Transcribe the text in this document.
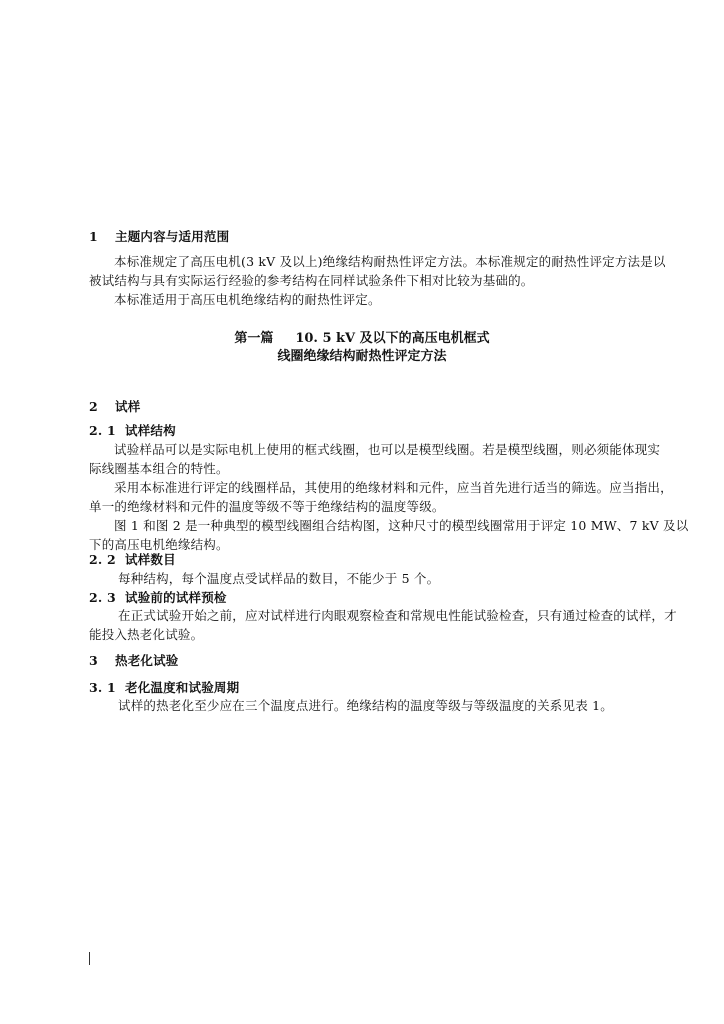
1 主题内容与适用范围
本标准规定了高压电机(3 kV 及以上)绝缘结构耐热性评定方法。本标准规定的耐热性评定方法是以
被试结构与具有实际运行经验的参考结构在同样试验条件下相对比较为基础的。
本标准适用于高压电机绝缘结构的耐热性评定。
第一篇 10. 5 kV 及以下的高压电机框式
线圈绝缘结构耐热性评定方法
2 试样
2. 1 试样结构
试验样品可以是实际电机上使用的框式线圈，也可以是模型线圈。若是模型线圈，则必须能体现实
际线圈基本组合的特性。
采用本标准进行评定的线圈样品，其使用的绝缘材料和元件，应当首先进行适当的筛选。应当指出，
单一的绝缘材料和元件的温度等级不等于绝缘结构的温度等级。
图 1 和图 2 是一种典型的模型线圈组合结构图，这种尺寸的模型线圈常用于评定 10 MW、7 kV 及以
下的高压电机绝缘结构。
2. 2 试样数目
每种结构，每个温度点受试样品的数目，不能少于 5 个。
2. 3 试验前的试样预检
在正式试验开始之前，应对试样进行肉眼观察检查和常规电性能试验检查，只有通过检查的试样，才
能投入热老化试验。
3 热老化试验
3. 1 老化温度和试验周期
试样的热老化至少应在三个温度点进行。绝缘结构的温度等级与等级温度的关系见表 1。
